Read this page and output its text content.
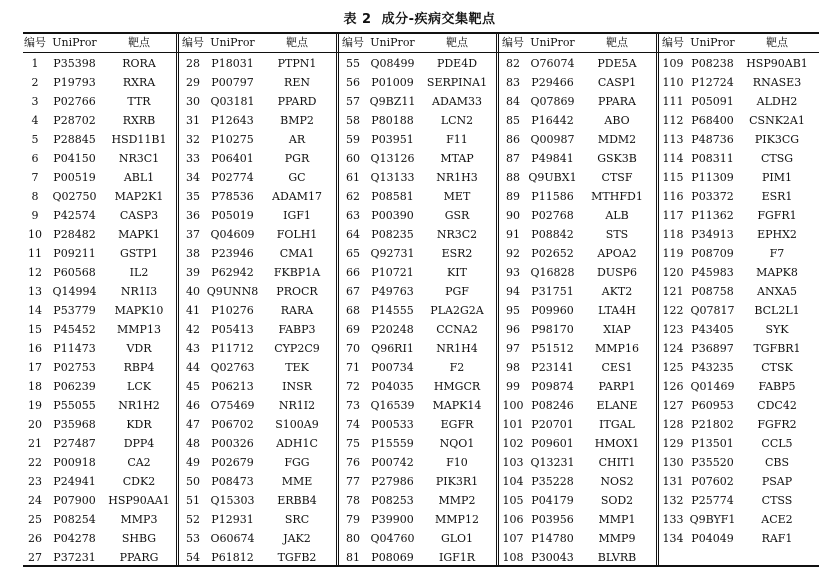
表 2 成分-疾病交集靶点
编号 UniPror	靶点
1	P35398	RORA
2	P19793	RXRA
3	P02766	TTR
4	P28702	RXRB
5	P28845	HSD11B1
6	P04150	NR3C1
7	P00519	ABL1
8	Q02750	MAP2K1
9	P42574	CASP3
10	P28482	MAPK1
11	P09211	GSTP1
12	P60568	IL2
13 Q14994	NR1I3
14	P53779	MAPK10
15	P45452	MMP13
16	P11473	VDR
17	P02753	RBP4
18	P06239	LCK
19	P55055	NR1H2
20	P35968	KDR
21	P27487	DPP4
22	P00918	CA2
23	P24941	CDK2
24	P07900	HSP90AA1
25	P08254	MMP3
26	P04278	SHBG
27	P37231	PPARG
编号 UniPror	靶点
28	P18031	PTPN1
29	P00797	REN
30 Q03181	PPARD
31	P12643	BMP2
32	P10275	AR
33	P06401	PGR
34	P02774	GC
35	P78536	ADAM17
36	P05019	IGF1
37 Q04609	FOLH1
38	P23946	CMA1
39	P62942	FKBP1A
40 Q9UNN8	PROCR
41	P10276	RARA
42	P05413	FABP3
43	P11712	CYP2C9
44 Q02763	TEK
45	P06213	INSR
46 O75469	NR1I2
47	P06702	S100A9
48	P00326	ADH1C
49	P02679	FGG
50	P08473	MME
51 Q15303	ERBB4
52	P12931	SRC
53 O60674	JAK2
54	P61812	TGFB2
编号 UniPror	靶点
55 Q08499	PDE4D
56	P01009	SERPINA1
57 Q9BZ11	ADAM33
58	P80188	LCN2
59	P03951	F11
60 Q13126	MTAP
61 Q13133	NR1H3
62	P08581	MET
63	P00390	GSR
64	P08235	NR3C2
65 Q92731	ESR2
66	P10721	KIT
67	P49763	PGF
68	P14555	PLA2G2A
69	P20248	CCNA2
70	Q96RI1	NR1H4
71	P00734	F2
72	P04035	HMGCR
73 Q16539	MAPK14
74	P00533	EGFR
75	P15559	NQO1
76	P00742	F10
77	P27986	PIK3R1
78	P08253	MMP2
79	P39900	MMP12
80 Q04760	GLO1
81	P08069	IGF1R
编号 UniPror	靶点
82 O76074	PDE5A
83	P29466	CASP1
84 Q07869	PPARA
85	P16442	ABO
86 Q00987	MDM2
87	P49841	GSK3B
88 Q9UBX1	CTSF
89	P11586	MTHFD1
90	P02768	ALB
91	P08842	STS
92	P02652	APOA2
93 Q16828	DUSP6
94	P31751	AKT2
95	P09960	LTA4H
96	P98170	XIAP
97	P51512	MMP16
98	P23141	CES1
99	P09874	PARP1
100 P08246	ELANE
101 P20701	ITGAL
102 P09601	HMOX1
103 Q13231	CHIT1
104 P35228	NOS2
105 P04179	SOD2
106 P03956	MMP1
107 P14780	MMP9
108 P30043	BLVRB
编号 UniPror	靶点
109 P08238	HSP90AB1
110 P12724	RNASE3
111 P05091	ALDH2
112 P68400	CSNK2A1
113 P48736	PIK3CG
114 P08311	CTSG
115 P11309	PIM1
116 P03372	ESR1
117 P11362	FGFR1
118 P34913	EPHX2
119 P08709	F7
120 P45983	MAPK8
121 P08758	ANXA5
122 Q07817	BCL2L1
123 P43405	SYK
124 P36897	TGFBR1
125 P43235	CTSK
126 Q01469	FABP5
127 P60953	CDC42
128 P21802	FGFR2
129 P13501	CCL5
130 P35520	CBS
131 P07602	PSAP
132 P25774	CTSS
133 Q9BYF1	ACE2
134 P04049	RAF1
